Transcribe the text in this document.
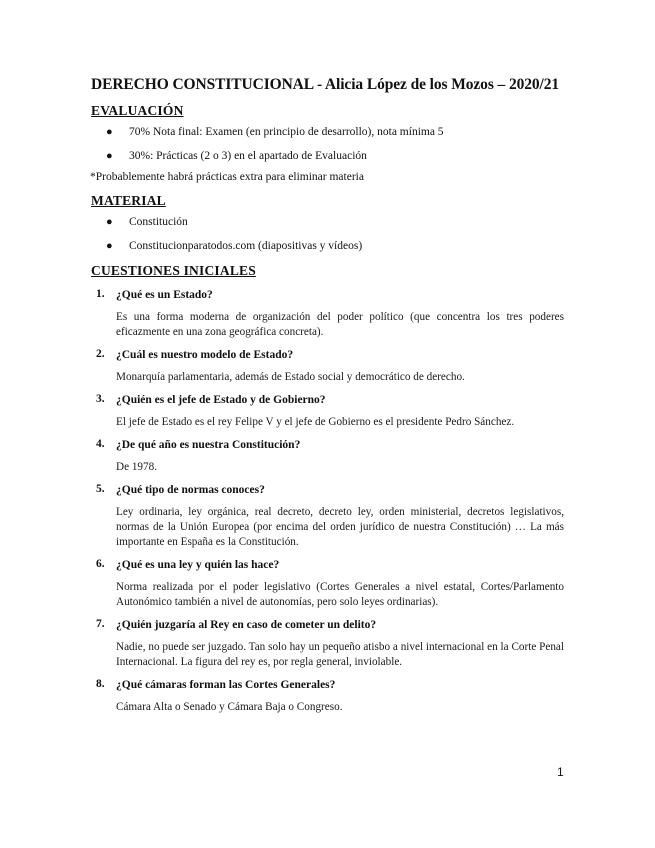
DERECHO CONSTITUCIONAL - Alicia López de los Mozos – 2020/21
EVALUACIÓN
● 70% Nota final: Examen (en principio de desarrollo), nota mínima 5
● 30%: Prácticas (2 o 3) en el apartado de Evaluación
*Probablemente habrá prácticas extra para eliminar materia
MATERIAL
● Constitución
● Constitucionparatodos.com (diapositivas y vídeos)
CUESTIONES INICIALES
1. ¿Qué es un Estado?
Es una forma moderna de organización del poder político (que concentra los tres poderes eficazmente en una zona geográfica concreta).
2. ¿Cuál es nuestro modelo de Estado?
Monarquía parlamentaria, además de Estado social y democrático de derecho.
3. ¿Quién es el jefe de Estado y de Gobierno?
El jefe de Estado es el rey Felipe V y el jefe de Gobierno es el presidente Pedro Sánchez.
4. ¿De qué año es nuestra Constitución?
De 1978.
5. ¿Qué tipo de normas conoces?
Ley ordinaria, ley orgánica, real decreto, decreto ley, orden ministerial, decretos legislativos, normas de la Unión Europea (por encima del orden jurídico de nuestra Constitución) … La más importante en España es la Constitución.
6. ¿Qué es una ley y quién las hace?
Norma realizada por el poder legislativo (Cortes Generales a nivel estatal, Cortes/Parlamento Autonómico también a nivel de autonomías, pero solo leyes ordinarias).
7. ¿Quién juzgaría al Rey en caso de cometer un delito?
Nadie, no puede ser juzgado. Tan solo hay un pequeño atisbo a nivel internacional en la Corte Penal Internacional. La figura del rey es, por regla general, inviolable.
8. ¿Qué cámaras forman las Cortes Generales?
Cámara Alta o Senado y Cámara Baja o Congreso.
1
